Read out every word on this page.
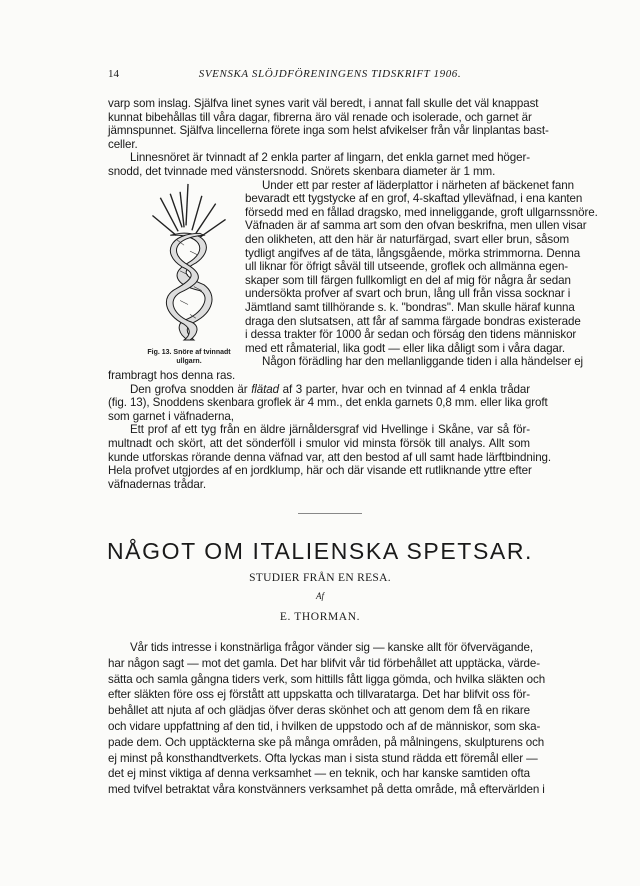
14	SVENSKA SLÖJDFÖRENINGENS TIDSKRIFT 1906.
varp som inslag. Själfva linet synes varit väl beredt, i annat fall skulle det väl knappast
kunnat bibehållas till våra dagar, fibrerna äro väl renade och isolerade, och garnet är
jämnspunnet. Själfva lincellerna förete inga som helst afvikelser från vår linplantas bast-
celler.
Linnesnöret är tvinnadt af 2 enkla parter af lingarn, det enkla garnet med höger-
snodd, det tvinnade med vänstersnodd. Snörets skenbara diameter är 1 mm.
Under ett par rester af läderplattor i närheten af bäckenet fann
bevaradt ett tygstycke af en grof, 4-skaftad ylleväfnad, i ena kanten
försedd med en fållad dragsko, med inneliggande, groft ullgarnssnöre.
Väfnaden är af samma art som den ofvan beskrifna, men ullen visar
den olikheten, att den här är naturfärgad, svart eller brun, såsom
tydligt angifves af de täta, långsgående, mörka strimmorna. Denna
ull liknar för öfrigt såväl till utseende, groflek och allmänna egen-
skaper som till färgen fullkomligt en del af mig för några år sedan
undersökta profver af svart och brun, lång ull från vissa socknar i
Jämtland samt tillhörande s. k. "bondras". Man skulle häraf kunna
draga den slutsatsen, att får af samma färgade bondras existerade
i dessa trakter för 1000 år sedan och förság den tidens människor
med ett råmaterial, lika godt — eller lika dåligt som i våra dagar.
Någon förädling har den mellanliggande tiden i alla händelser ej
frambragt hos denna ras.
Den grofva snodden är flätad af 3 parter, hvar och en tvinnad af 4 enkla trådar
(fig. 13), Snoddens skenbara groflek är 4 mm., det enkla garnets 0,8 mm. eller lika groft
som garnet i väfnaderna,
Ett prof af ett tyg från en äldre järnåldersgraf vid Hvellinge i Skåne, var så för-
multnadt och skört, att det sönderföll i smulor vid minsta försök till analys. Allt som
kunde utforskas rörande denna väfnad var, att den bestod af ull samt hade lärftbindning.
Hela profvet utgjordes af en jordklump, här och där visande ett rutliknande yttre efter
väfnadernas trådar.
Fig. 13. Snöre af tvinnadt
ullgarn.
NÅGOT OM ITALIENSKA SPETSAR.
STUDIER FRÅN EN RESA.
Af
E. THORMAN.
Vår tids intresse i konstnärliga frågor vänder sig — kanske allt för öfvervägande,
har någon sagt — mot det gamla. Det har blifvit vår tid förbehållet att upptäcka, värde-
sätta och samla gångna tiders verk, som hittills fått ligga gömda, och hvilka släkten och
efter släkten före oss ej förstått att uppskatta och tillvaratarga. Det har blifvit oss för-
behållet att njuta af och glädjas öfver deras skönhet och att genom dem få en rikare
och vidare uppfattning af den tid, i hvilken de uppstodo och af de människor, som ska-
pade dem. Och upptäckterna ske på många områden, på målningens, skulpturens och
ej minst på konsthandtverkets. Ofta lyckas man i sista stund rädda ett föremål eller —
det ej minst viktiga af denna verksamhet — en teknik, och har kanske samtiden ofta
med tvifvel betraktat våra konstvänners verksamhet på detta område, må eftervärlden i
